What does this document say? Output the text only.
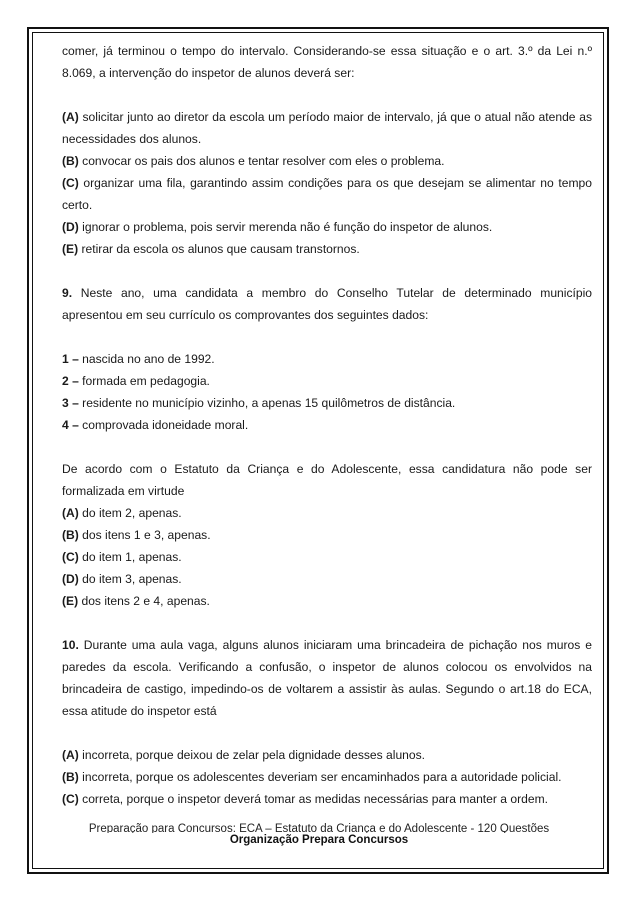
comer, já terminou o tempo do intervalo. Considerando-se essa situação e o art. 3.º da Lei n.º 8.069, a intervenção do inspetor de alunos deverá ser:

(A) solicitar junto ao diretor da escola um período maior de intervalo, já que o atual não atende as necessidades dos alunos.

(B) convocar os pais dos alunos e tentar resolver com eles o problema.

(C) organizar uma fila, garantindo assim condições para os que desejam se alimentar no tempo certo.

(D) ignorar o problema, pois servir merenda não é função do inspetor de alunos.

(E) retirar da escola os alunos que causam transtornos.

9. Neste ano, uma candidata a membro do Conselho Tutelar de determinado município apresentou em seu currículo os comprovantes dos seguintes dados:

1 – nascida no ano de 1992.

2 – formada em pedagogia.

3 – residente no município vizinho, a apenas 15 quilômetros de distância.

4 – comprovada idoneidade moral.

De acordo com o Estatuto da Criança e do Adolescente, essa candidatura não pode ser formalizada em virtude

(A) do item 2, apenas.

(B) dos itens 1 e 3, apenas.

(C) do item 1, apenas.

(D) do item 3, apenas.

(E) dos itens 2 e 4, apenas.

10. Durante uma aula vaga, alguns alunos iniciaram uma brincadeira de pichação nos muros e paredes da escola. Verificando a confusão, o inspetor de alunos colocou os envolvidos na brincadeira de castigo, impedindo-os de voltarem a assistir às aulas. Segundo o art.18 do ECA, essa atitude do inspetor está

(A) incorreta, porque deixou de zelar pela dignidade desses alunos.

(B) incorreta, porque os adolescentes deveriam ser encaminhados para a autoridade policial.

(C) correta, porque o inspetor deverá tomar as medidas necessárias para manter a ordem.

Preparação para Concursos: ECA – Estatuto da Criança e do Adolescente - 120 Questões
Organização Prepara Concursos
